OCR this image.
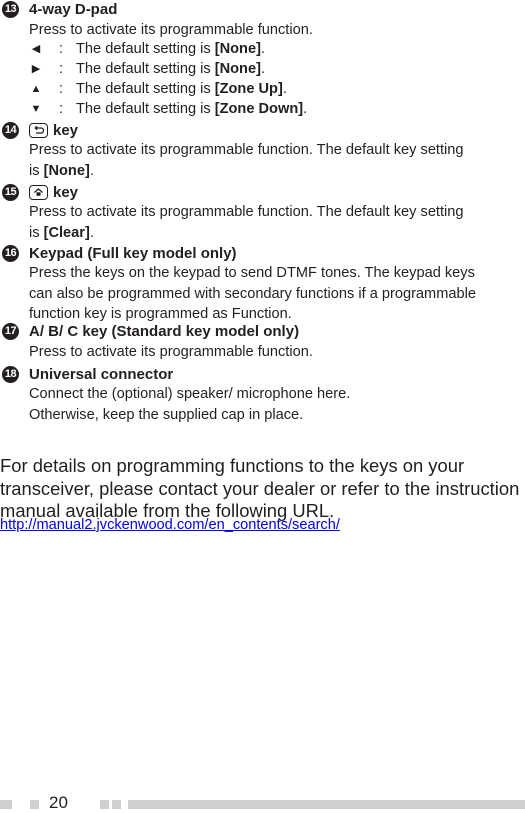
13 4-way D-pad
Press to activate its programmable function.
◀ : The default setting is [None].
▶ : The default setting is [None].
▲ : The default setting is [Zone Up].
▼ : The default setting is [Zone Down].
14	key
Press to activate its programmable function. The default key setting
is [None].
15	key
Press to activate its programmable function. The default key setting
is [Clear].
16 Keypad (Full key model only)
Press the keys on the keypad to send DTMF tones. The keypad keys
can also be programmed with secondary functions if a programmable
function key is programmed as Function.
17 A/ B/ C key (Standard key model only)
Press to activate its programmable function.
18 Universal connector
Connect the (optional) speaker/ microphone here.
Otherwise, keep the supplied cap in place.
For details on programming functions to the keys on your
transceiver, please contact your dealer or refer to the instruction
manual available from the following URL.
http://manual2.jvckenwood.com/en_contents/search/
20
